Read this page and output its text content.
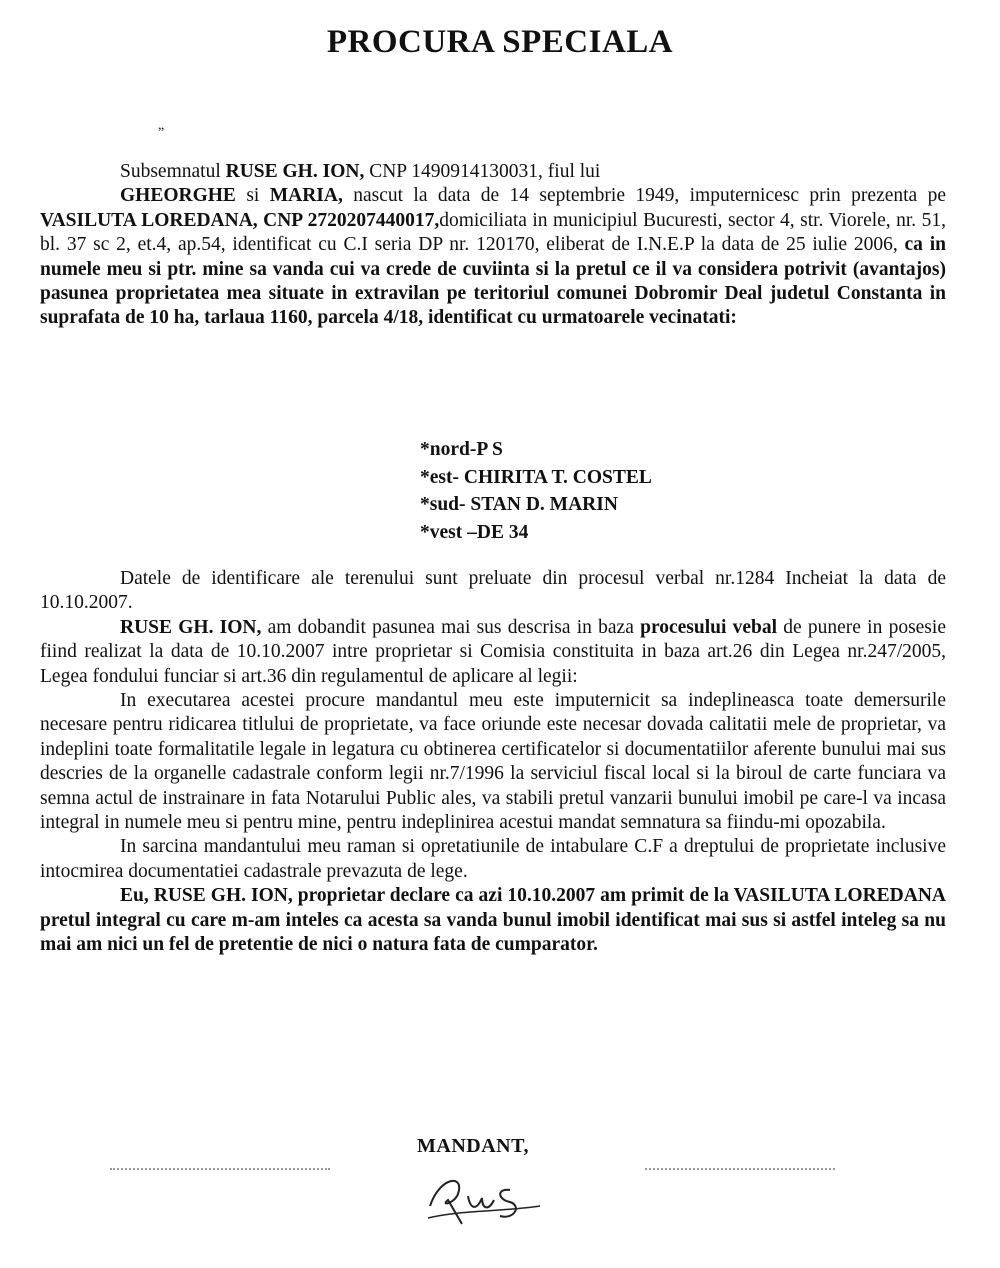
PROCURA SPECIALA
„

Subsemnatul RUSE GH. ION, CNP 1490914130031, fiul lui
GHEORGHE si MARIA, nascut la data de 14 septembrie 1949, imputernicesc prin prezenta pe VASILUTA LOREDANA, CNP 2720207440017,domiciliata in municipiul Bucuresti, sector 4, str. Viorele, nr. 51, bl. 37 sc 2, et.4, ap.54, identificat cu C.I seria DP nr. 120170, eliberat de I.N.E.P la data de 25 iulie 2006, ca in numele meu si ptr. mine sa vanda cui va crede de cuviinta si la pretul ce il va considera potrivit (avantajos) pasunea proprietatea mea situate in extravilan pe teritoriul comunei Dobromir Deal judetul Constanta in suprafata de 10 ha, tarlaua 1160, parcela 4/18, identificat cu urmatoarele vecinatati:

*nord-P S
*est- CHIRITA T. COSTEL
*sud- STAN D. MARIN
*vest –DE 34

Datele de identificare ale terenului sunt preluate din procesul verbal nr.1284 Incheiat la data de 10.10.2007.

RUSE GH. ION, am dobandit pasunea mai sus descrisa in baza procesului vebal de punere in posesie fiind realizat la data de 10.10.2007 intre proprietar si Comisia constituita in baza art.26 din Legea nr.247/2005, Legea fondului funciar si art.36 din regulamentul de aplicare al legii:

In executarea acestei procure mandantul meu este imputernicit sa indeplineasca toate demersurile necesare pentru ridicarea titlului de proprietate, va face oriunde este necesar dovada calitatii mele de proprietar, va indeplini toate formalitatile legale in legatura cu obtinerea certificatelor si documentatiilor aferente bunului mai sus descries de la organelle cadastrale conform legii nr.7/1996 la serviciul fiscal local si la biroul de carte funciara va semna actul de instrainare in fata Notarului Public ales, va stabili pretul vanzarii bunului imobil pe care-l va incasa integral in numele meu si pentru mine, pentru indeplinirea acestui mandat semnatura sa fiindu-mi opozabila.

In sarcina mandantului meu raman si opretatiunile de intabulare C.F a dreptului de proprietate inclusive intocmirea documentatiei cadastrale prevazuta de lege.

Eu, RUSE GH. ION, proprietar declare ca azi 10.10.2007 am primit de la VASILUTA LOREDANA pretul integral cu care m-am inteles ca acesta sa vanda bunul imobil identificat mai sus si astfel inteleg sa nu mai am nici un fel de pretentie de nici o natura fata de cumparator.

MANDANT,
